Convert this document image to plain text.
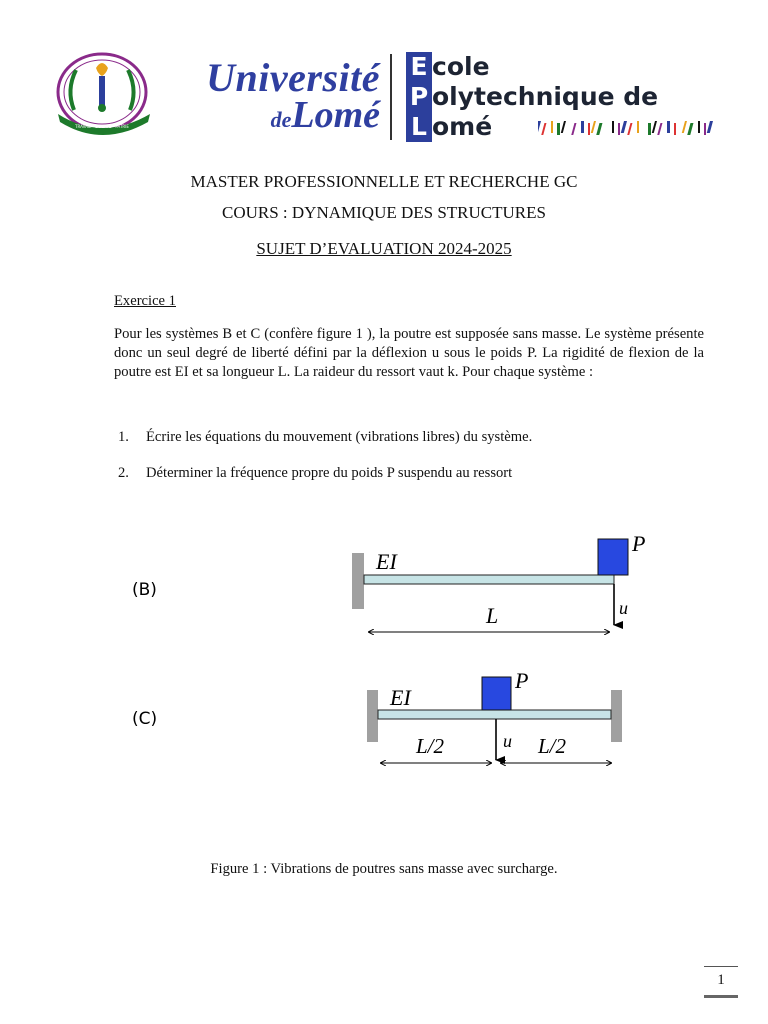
TRAVAIL - LIBERTÉ - PATRIE
Université
deLomé
E cole
P olytechnique de
L omé
MASTER PROFESSIONNELLE ET RECHERCHE GC
COURS : DYNAMIQUE DES STRUCTURES
SUJET D’EVALUATION 2024-2025
Exercice 1
Pour les systèmes B et C (confère figure 1 ), la poutre est supposée sans masse. Le système présente donc un seul degré de liberté défini par la déflexion u sous le poids P. La rigidité de flexion de la poutre est EI et sa longueur L. La raideur du ressort vaut k. Pour chaque système :
1. Écrire les équations du mouvement (vibrations libres) du système.
2. Déterminer la fréquence propre du poids P suspendu au ressort
(B)
EI
P
u
L
(C)
EI
P
u
L/2	L/2
Figure 1 : Vibrations de poutres sans masse avec surcharge.
1
